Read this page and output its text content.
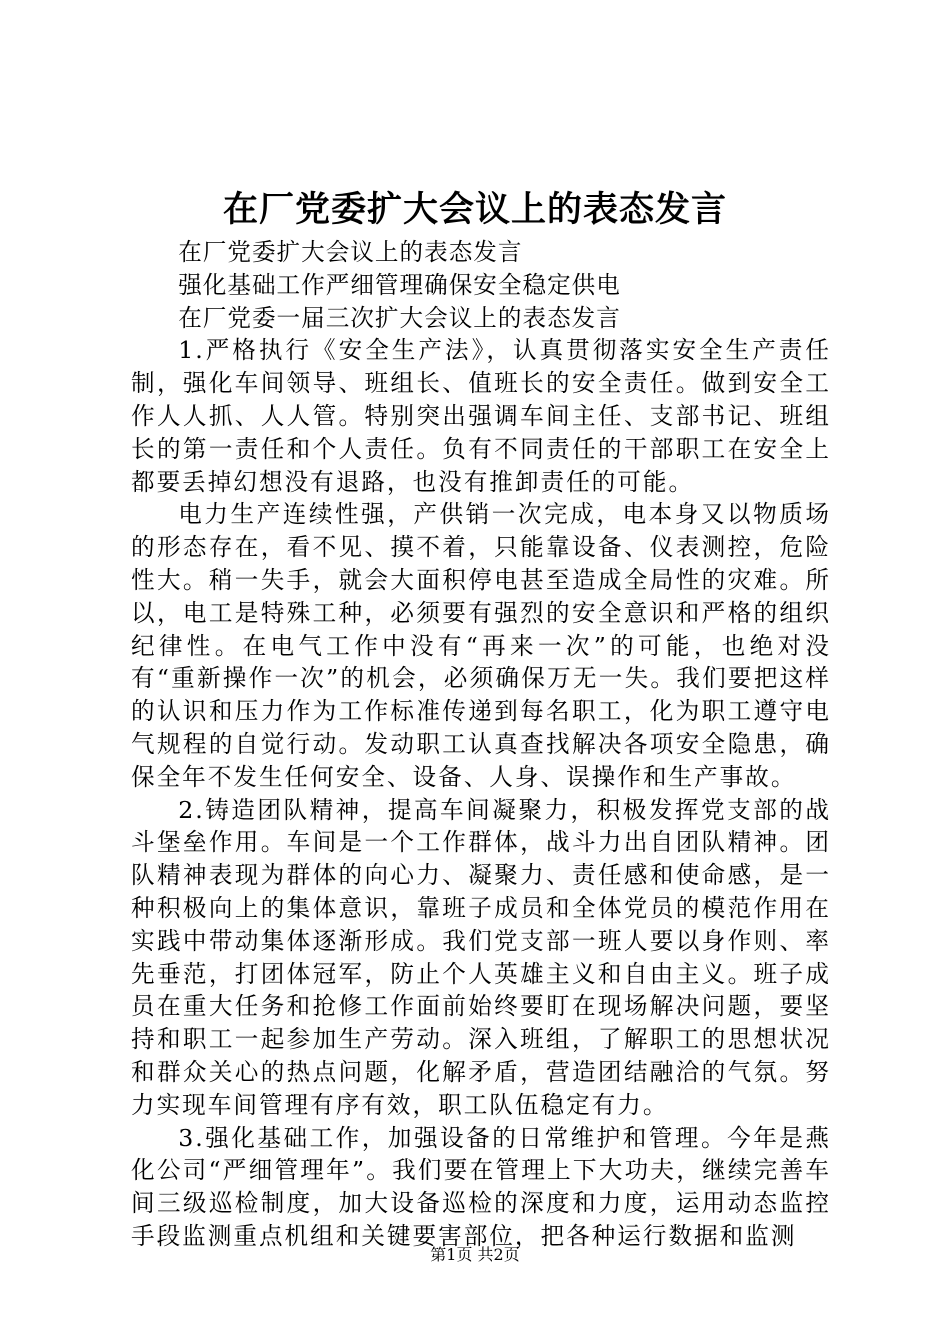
在厂党委扩大会议上的表态发言

在厂党委扩大会议上的表态发言

强化基础工作严细管理确保安全稳定供电

在厂党委一届三次扩大会议上的表态发言

1.严格执行《安全生产法》，认真贯彻落实安全生产责任制，强化车间领导、班组长、值班长的安全责任。做到安全工作人人抓、人人管。特别突出强调车间主任、支部书记、班组长的第一责任和个人责任。负有不同责任的干部职工在安全上都要丢掉幻想没有退路，也没有推卸责任的可能。

电力生产连续性强，产供销一次完成，电本身又以物质场的形态存在，看不见、摸不着，只能靠设备、仪表测控，危险性大。稍一失手，就会大面积停电甚至造成全局性的灾难。所以，电工是特殊工种，必须要有强烈的安全意识和严格的组织纪律性。在电气工作中没有“再来一次”的可能，也绝对没有“重新操作一次”的机会，必须确保万无一失。我们要把这样的认识和压力作为工作标准传递到每名职工，化为职工遵守电气规程的自觉行动。发动职工认真查找解决各项安全隐患，确保全年不发生任何安全、设备、人身、误操作和生产事故。

2.铸造团队精神，提高车间凝聚力，积极发挥党支部的战斗堡垒作用。车间是一个工作群体，战斗力出自团队精神。团队精神表现为群体的向心力、凝聚力、责任感和使命感，是一种积极向上的集体意识，靠班子成员和全体党员的模范作用在实践中带动集体逐渐形成。我们党支部一班人要以身作则、率先垂范，打团体冠军，防止个人英雄主义和自由主义。班子成员在重大任务和抢修工作面前始终要盯在现场解决问题，要坚持和职工一起参加生产劳动。深入班组，了解职工的思想状况和群众关心的热点问题，化解矛盾，营造团结融洽的气氛。努力实现车间管理有序有效，职工队伍稳定有力。

3.强化基础工作，加强设备的日常维护和管理。今年是燕化公司“严细管理年”。我们要在管理上下大功夫，继续完善车间三级巡检制度，加大设备巡检的深度和力度，运用动态监控手段监测重点机组和关键要害部位，把各种运行数据和监测

第1页 共2页
